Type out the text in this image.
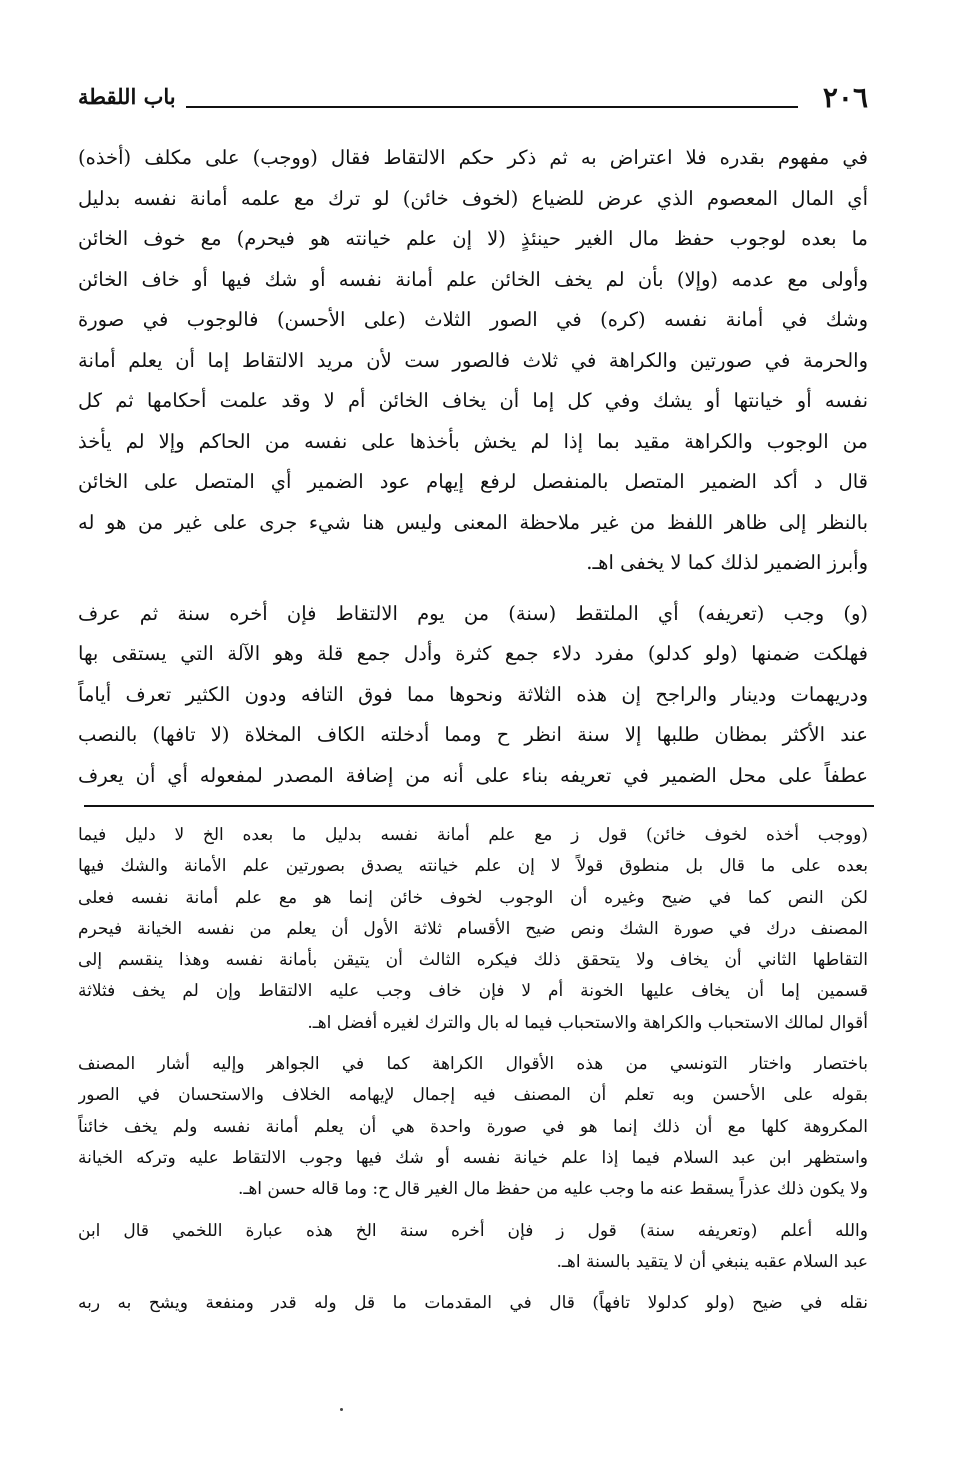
٢٠٦
باب اللقطة
في مفهوم بقدره فلا اعتراض به ثم ذكر حكم الالتقاط فقال (ووجب) على مكلف (أخذه)
أي المال المعصوم الذي عرض للضياع (لخوف خائن) لو ترك مع علمه أمانة نفسه بدليل
ما بعده لوجوب حفظ مال الغير حينئذٍ (لا إن علم خيانته هو فيحرم) مع خوف الخائن
وأولى مع عدمه (وإلا) بأن لم يخف الخائن علم أمانة نفسه أو شك فيها أو خاف الخائن
وشك في أمانة نفسه (كره) في الصور الثلاث (على الأحسن) فالوجوب في صورة
والحرمة في صورتين والكراهة في ثلاث فالصور ست لأن مريد الالتقاط إما أن يعلم أمانة
نفسه أو خيانتها أو يشك وفي كل إما أن يخاف الخائن أم لا وقد علمت أحكامها ثم كل
من الوجوب والكراهة مقيد بما إذا لم يخش بأخذها على نفسه من الحاكم وإلا لم يأخذ
قال د أكد الضمير المتصل بالمنفصل لرفع إيهام عود الضمير أي المتصل على الخائن
بالنظر إلى ظاهر اللفظ من غير ملاحظة المعنى وليس هنا شيء جرى على غير من هو له
وأبرز الضمير لذلك كما لا يخفى اهـ.
(و) وجب (تعريفه) أي الملتقط (سنة) من يوم الالتقاط فإن أخره سنة ثم عرف
فهلكت ضمنها (ولو كدلو) مفرد دلاء جمع كثرة وأدل جمع قلة وهو الآلة التي يستقى بها
ودريهمات ودينار والراجح إن هذه الثلاثة ونحوها مما فوق التافه ودون الكثير تعرف أياماً
عند الأكثر بمظان طلبها إلا سنة انظر ح ومما أدخلته الكاف المخلاة (لا تافها) بالنصب
عطفاً على محل الضمير في تعريفه بناء على أنه من إضافة المصدر لمفعوله أي أن يعرف
(ووجب أخذه لخوف خائن) قول ز مع علم أمانة نفسه بدليل ما بعده الخ لا دليل فيما
بعده على ما قال بل منطوق قولاً لا إن علم خيانته يصدق بصورتين علم الأمانة والشك فيها
لكن النص كما في ضيح وغيره أن الوجوب لخوف خائن إنما هو مع علم أمانة نفسه فعلى
المصنف درك في صورة الشك ونص ضيح الأقسام ثلاثة الأول أن يعلم من نفسه الخيانة فيحرم
التقاطها الثاني أن يخاف ولا يتحقق ذلك فيكره الثالث أن يتيقن بأمانة نفسه وهذا ينقسم إلى
قسمين إما أن يخاف عليها الخونة أم لا فإن خاف وجب عليه الالتقاط وإن لم يخف فثلاثة
أقوال لمالك الاستحباب والكراهة والاستحباب فيما له بال والترك لغيره أفضل اهـ.
باختصار واختار التونسي من هذه الأقوال الكراهة كما في الجواهر وإليه أشار المصنف
بقوله على الأحسن وبه تعلم أن المصنف فيه إجمال لإيهامه الخلاف والاستحسان في الصور
المكروهة كلها مع أن ذلك إنما هو في صورة واحدة هي أن يعلم أمانة نفسه ولم يخف خائناً
واستظهر ابن عبد السلام فيما إذا علم خيانة نفسه أو شك فيها وجوب الالتقاط عليه وتركه الخيانة
ولا يكون ذلك عذراً يسقط عنه ما وجب عليه من حفظ مال الغير قال ح: وما قاله حسن اهـ.
والله أعلم (وتعريفه سنة) قول ز فإن أخره سنة الخ هذه عبارة اللخمي قال ابن
عبد السلام عقبه ينبغي أن لا يتقيد بالسنة اهـ.
نقله في ضيح (ولو كدلولا تافهاً) قال في المقدمات ما قل وله قدر ومنفعة ويشح به ربه
